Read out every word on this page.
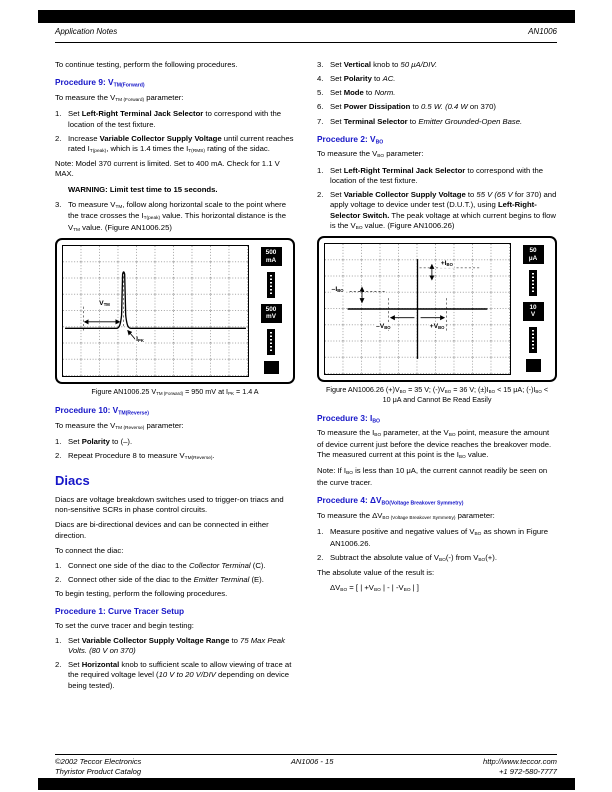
Application Notes	AN1006

To continue testing, perform the following procedures.

Procedure 9: $V_{TM(Forward)}$

To measure the $V_{TM (Forward)}$ parameter:

1. Set Left-Right Terminal Jack Selector to correspond with the location of the test fixture.
2. Increase Variable Collector Supply Voltage until current reaches rated $I_{T(peak)}$, which is 1.4 times the $I_{T(RMS)}$ rating of the sidac.

Note: Model 370 current is limited. Set to 400 mA. Check for 1.1 V MAX.

WARNING: Limit test time to 15 seconds.

3. To measure $V_{TM}$, follow along horizontal scale to the point where the trace crosses the $I_{T(peak)}$ value. This horizontal distance is the $V_{TM}$ value. (Figure AN1006.25)
$V_{TM}$
$I_{PK}$
500
mA
500
mV

Figure AN1006.25 $V_{TM (Forward)} = 950$ mV at $I_{PK} = 1.4$ A

Procedure 10: $V_{TM(Reverse)}$

To measure the $V_{TM (Reverse)}$ parameter:

1. Set Polarity to (–).
2. Repeat Procedure 8 to measure $V_{TM(Reverse)}$.
Diacs

Diacs are voltage breakdown switches used to trigger-on triacs and non-sensitive SCRs in phase control circuits.

Diacs are bi-directional devices and can be connected in either direction.

To connect the diac:

1. Connect one side of the diac to the Collector Terminal (C).
2. Connect other side of the diac to the Emitter Terminal (E).

To begin testing, perform the following procedures.

Procedure 1: Curve Tracer Setup

To set the curve tracer and begin testing:

1. Set Variable Collector Supply Voltage Range to 75 Max Peak Volts. (80 V on 370)
2. Set Horizontal knob to sufficient scale to allow viewing of trace at the required voltage level (10 V to 20 V/DIV depending on device being tested).
3. Set Vertical knob to 50 μA/DIV.
4. Set Polarity to AC.
5. Set Mode to Norm.
6. Set Power Dissipation to 0.5 W. (0.4 W on 370)
7. Set Terminal Selector to Emitter Grounded-Open Base.
Procedure 2: $V_{BO}$

To measure the $V_{BO}$ parameter:

1. Set Left-Right Terminal Jack Selector to correspond with the location of the test fixture.
2. Set Variable Collector Supply Voltage to 55 V (65 V for 370) and apply voltage to device under test (D.U.T.), using Left-Right-Selector Switch. The peak voltage at which current begins to flow is the $V_{BO}$ value. (Figure AN1006.26)
$+I_{BO}$
$-I_{BO}$
$-V_{BO}$	$+V_{BO}$
50
μA
10
V

Figure AN1006.26 $(+)V_{BO} = 35$ V; $(-)V_{BO} = 36$ V; $(\pm)I_{BO} < 15$ μA; $(-)I_{BO} < 10$ μA and Cannot Be Read Easily

Procedure 3: $I_{BO}$

To measure the $I_{BO}$ parameter, at the $V_{BO}$ point, measure the amount of device current just before the device reaches the breakover mode. The measured current at this point is the $I_{BO}$ value.

Note: If $I_{BO}$ is less than 10 μA, the current cannot readily be seen on the curve tracer.

Procedure 4: $\Delta V_{BO(Voltage Breakover Symmetry)}$

To measure the $\Delta V_{BO (Voltage Breakover Symmetry)}$ parameter:

1. Measure positive and negative values of $V_{BO}$ as shown in Figure AN1006.26.
2. Subtract the absolute value of $V_{BO}(-)$ from $V_{BO}(+)$.

The absolute value of the result is:

$\Delta V_{BO}$ = [ | $+V_{BO}$ | - | $-V_{BO}$ | ]

©2002 Teccor Electronics
Thyristor Product Catalog
AN1006 - 15	http://www.teccor.com
+1 972-580-7777
